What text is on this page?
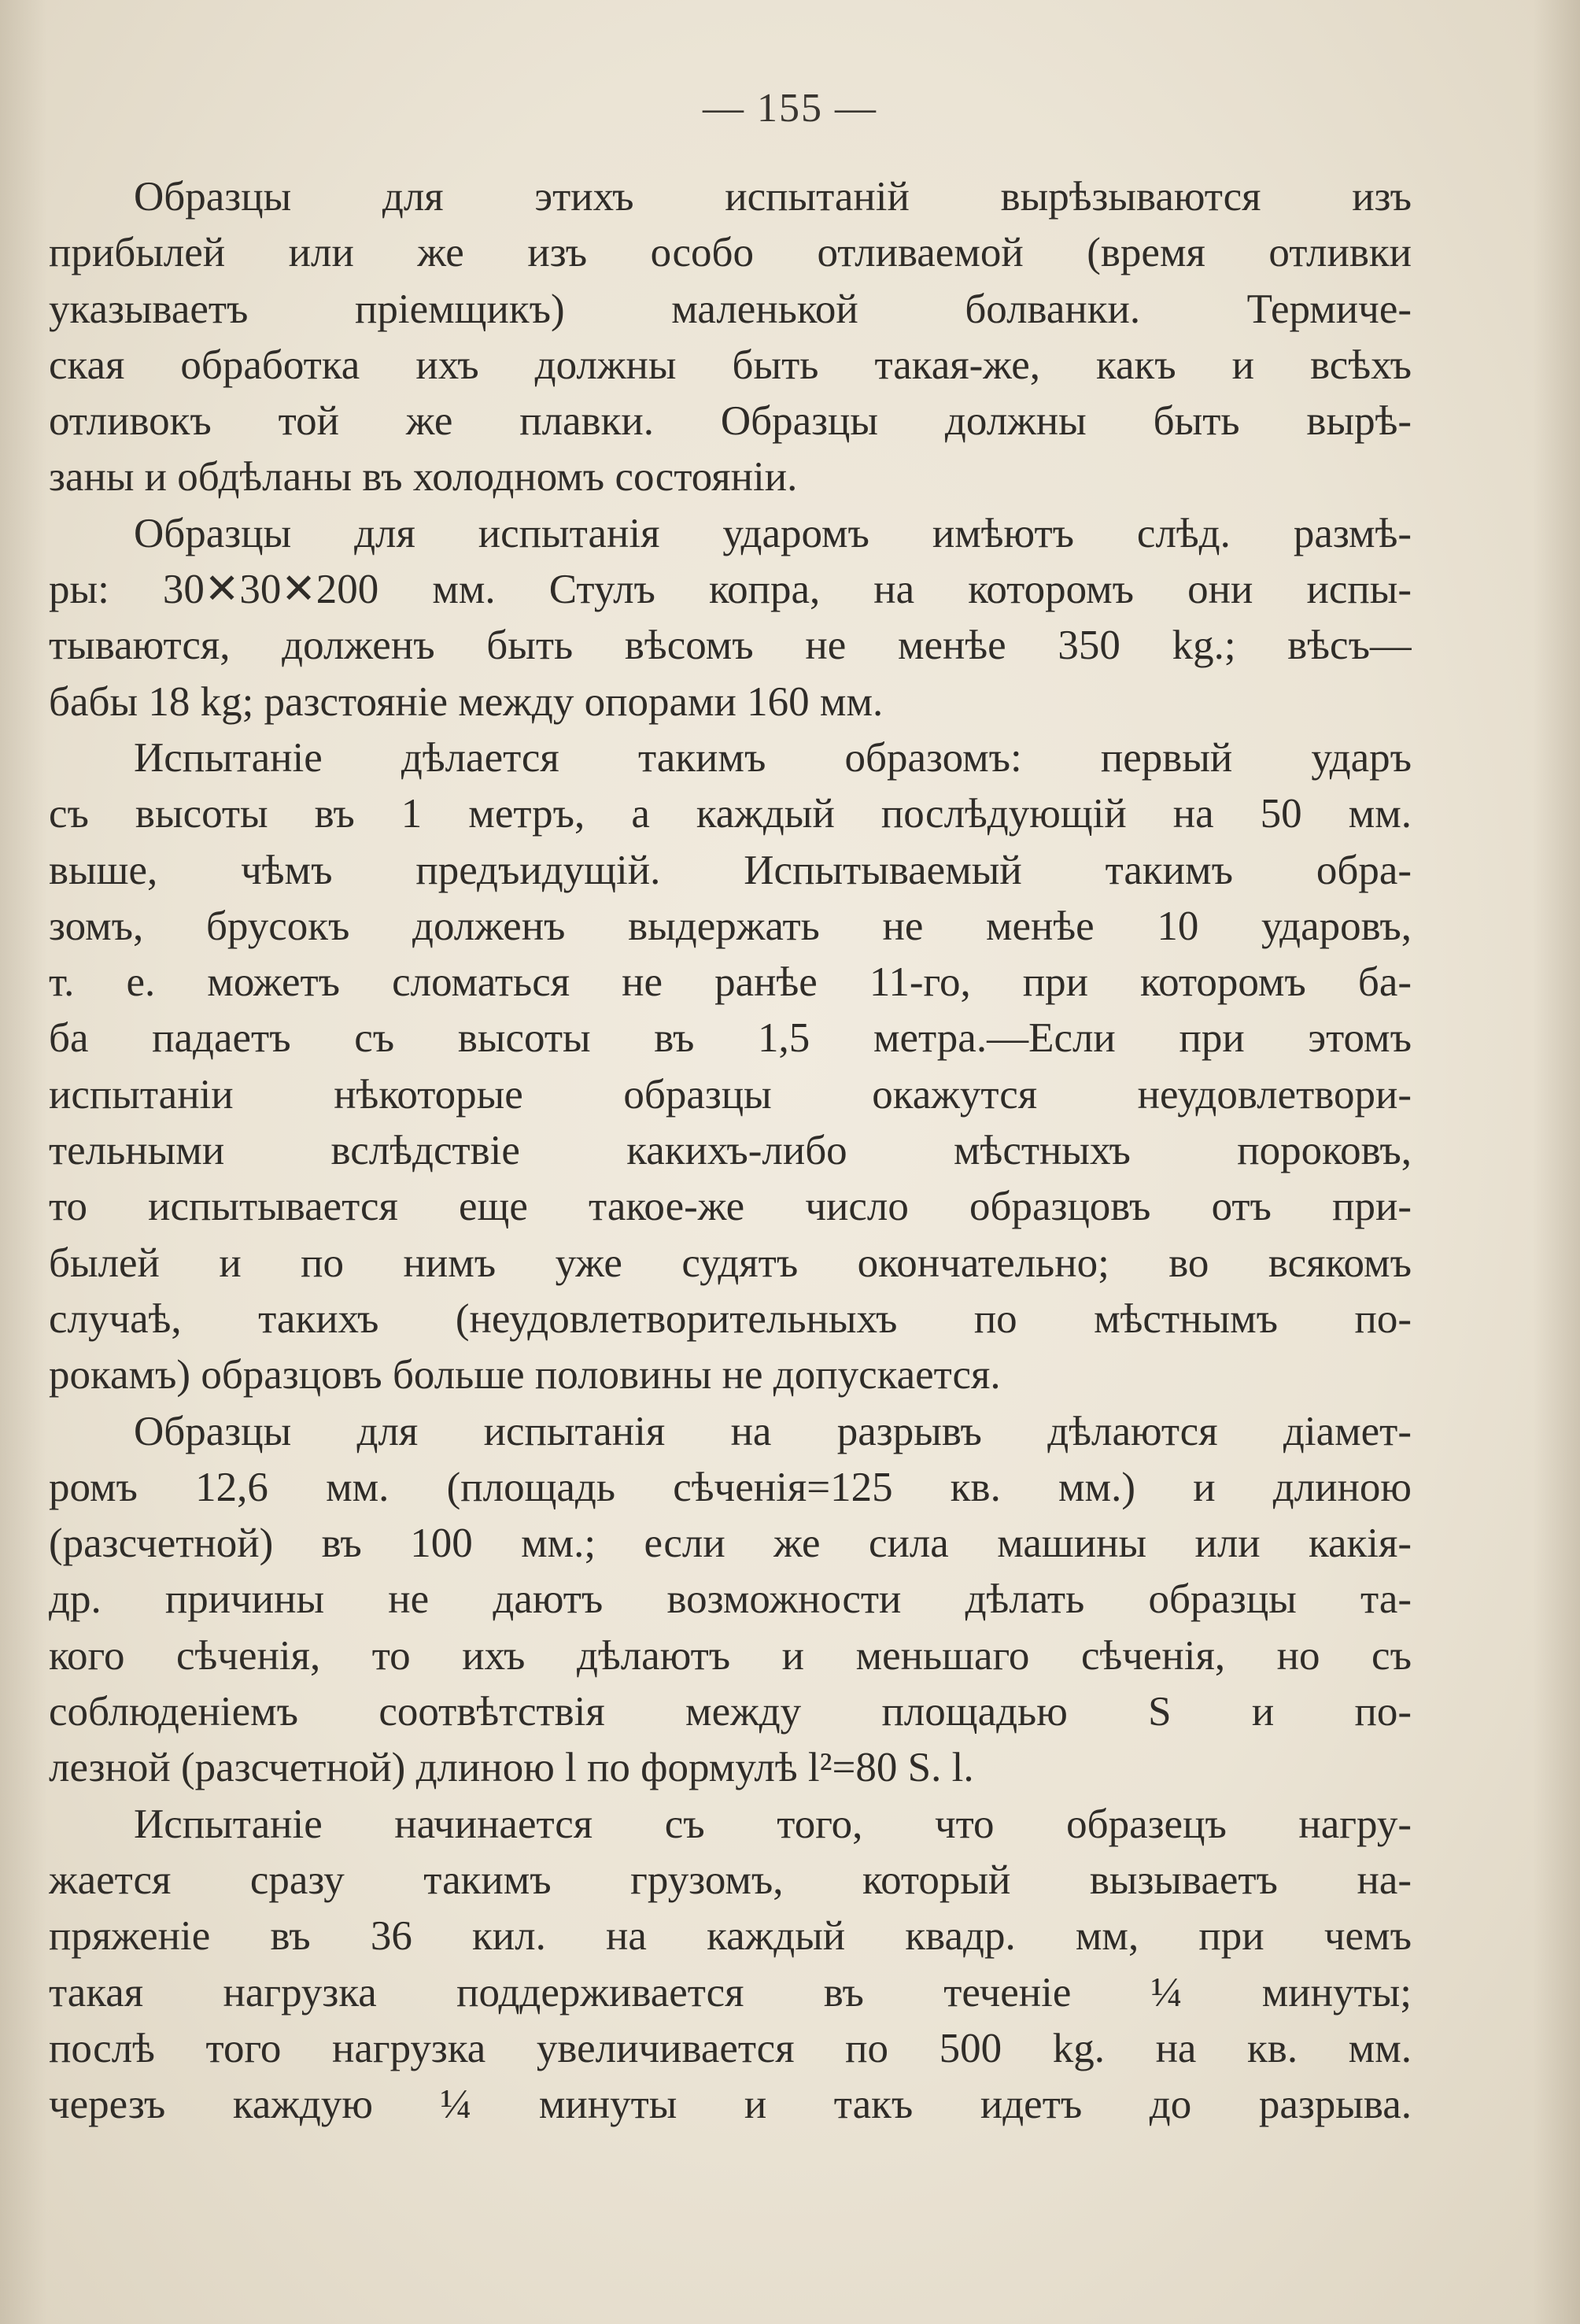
— 155 —
Образцы для этихъ испытаній вырѣзываются изъ
прибылей или же изъ особо отливаемой (время отливки
указываетъ пріемщикъ) маленькой болванки. Термиче-
ская обработка ихъ должны быть такая-же, какъ и всѣхъ
отливокъ той же плавки. Образцы должны быть вырѣ-
заны и обдѣланы въ холодномъ состояніи.
Образцы для испытанія ударомъ имѣютъ слѣд. размѣ-
ры: 30✕30✕200 мм. Стулъ копра, на которомъ они испы-
тываются, долженъ быть вѣсомъ не менѣе 350 kg.; вѣсъ—
бабы 18 kg; разстояніе между опорами 160 мм.
Испытаніе дѣлается такимъ образомъ: первый ударъ
съ высоты въ 1 метръ, а каждый послѣдующій на 50 мм.
выше, чѣмъ предъидущій. Испытываемый такимъ обра-
зомъ, брусокъ долженъ выдержать не менѣе 10 ударовъ,
т. е. можетъ сломаться не ранѣе 11-го, при которомъ ба-
ба падаетъ съ высоты въ 1,5 метра.—Если при этомъ
испытаніи нѣкоторые образцы окажутся неудовлетвори-
тельными вслѣдствіе какихъ-либо мѣстныхъ пороковъ,
то испытывается еще такое-же число образцовъ отъ при-
былей и по нимъ уже судятъ окончательно; во всякомъ
случаѣ, такихъ (неудовлетворительныхъ по мѣстнымъ по-
рокамъ) образцовъ больше половины не допускается.
Образцы для испытанія на разрывъ дѣлаются діамет-
ромъ 12,6 мм. (площадь сѣченія=125 кв. мм.) и длиною
(разсчетной) въ 100 мм.; если же сила машины или какія-
др. причины не даютъ возможности дѣлать образцы та-
кого сѣченія, то ихъ дѣлаютъ и меньшаго сѣченія, но съ
соблюденіемъ соотвѣтствія между площадью S и по-
лезной (разсчетной) длиною l по формулѣ l²=80 S. l.
Испытаніе начинается съ того, что образецъ нагру-
жается сразу такимъ грузомъ, который вызываетъ на-
пряженіе въ 36 кил. на каждый квадр. мм, при чемъ
такая нагрузка поддерживается въ теченіе ¼ минуты;
послѣ того нагрузка увеличивается по 500 kg. на кв. мм.
черезъ каждую ¼ минуты и такъ идетъ до разрыва.
